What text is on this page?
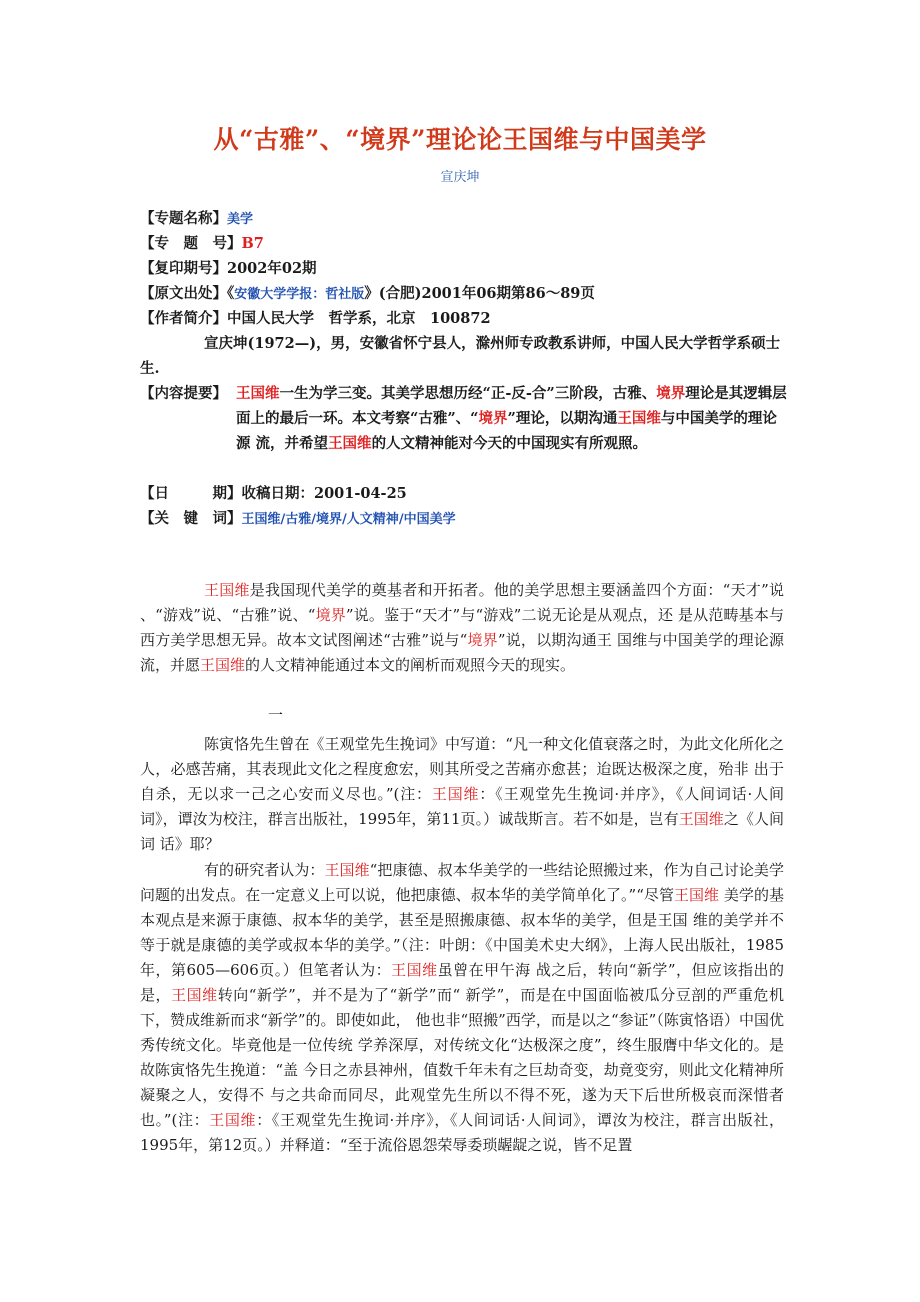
从“古雅”、“境界”理论论王国维与中国美学
宣庆坤
【专题名称】美学
【专　题　号】B7
【复印期号】2002年02期
【原文出处】《安徽大学学报：哲社版》(合肥)2001年06期第86～89页
【作者简介】中国人民大学　哲学系，北京　100872
宣庆坤(1972—)，男，安徽省怀宁县人，滁州师专政教系讲师，中国人民大学哲学系硕士生.
【内容提要】 王国维一生为学三变。其美学思想历经“正-反-合”三阶段，古雅、境界理论是其逻辑层 面上的最后一环。本文考察“古雅”、“境界”理论，以期沟通王国维与中国美学的理论源 流，并希望王国维的人文精神能对今天的中国现实有所观照。
【日　　　期】收稿日期：2001-04-25
【关　键　词】王国维/古雅/境界/人文精神/中国美学
王国维是我国现代美学的奠基者和开拓者。他的美学思想主要涵盖四个方面：“天才”说 、“游戏”说、“古雅”说、“境界”说。鉴于“天才”与“游戏”二说无论是从观点，还 是从范畴基本与西方美学思想无异。故本文试图阐述“古雅”说与“境界”说，以期沟通王 国维与中国美学的理论源流，并愿王国维的人文精神能通过本文的阐析而观照今天的现实。
一
陈寅恪先生曾在《王观堂先生挽词》中写道：“凡一种文化值衰落之时，为此文化所化之 人，必感苦痛，其表现此文化之程度愈宏，则其所受之苦痛亦愈甚；迨既达极深之度，殆非 出于自杀，无以求一己之心安而义尽也。”(注：王国维：《王观堂先生挽词·并序》，《人间词话·人间词》，谭汝为校注，群言出版社，1995年，第11页。）诚哉斯言。若不如是，岂有王国维之《人间词 话》耶？
有的研究者认为：王国维“把康德、叔本华美学的一些结论照搬过来，作为自己讨论美学 问题的出发点。在一定意义上可以说，他把康德、叔本华的美学简单化了。”“尽管王国维 美学的基本观点是来源于康德、叔本华的美学，甚至是照搬康德、叔本华的美学，但是王国 维的美学并不等于就是康德的美学或叔本华的美学。”（注：叶朗：《中国美术史大纲》，上海人民出版社，1985年，第605—606页。）但笔者认为：王国维虽曾在甲午海 战之后，转向“新学”，但应该指出的是，王国维转向“新学”，并不是为了“新学”而“ 新学”，而是在中国面临被瓜分豆剖的严重危机下，赞成维新而求“新学”的。即使如此， 他也非“照搬”西学，而是以之“参证”（陈寅恪语）中国优秀传统文化。毕竟他是一位传统 学养深厚，对传统文化“达极深之度”，终生服膺中华文化的。是故陈寅恪先生挽道：“盖 今日之赤县神州，值数千年未有之巨劫奇变，劫竟变穷，则此文化精神所凝聚之人，安得不 与之共命而同尽，此观堂先生所以不得不死，遂为天下后世所极哀而深惜者也。”(注：王国维：《王观堂先生挽词·并序》，《人间词话·人间词》，谭汝为校注，群言出版社，1995年，第12页。）并释道：“至于流俗恩怨荣辱委琐龌龊之说，皆不足置
